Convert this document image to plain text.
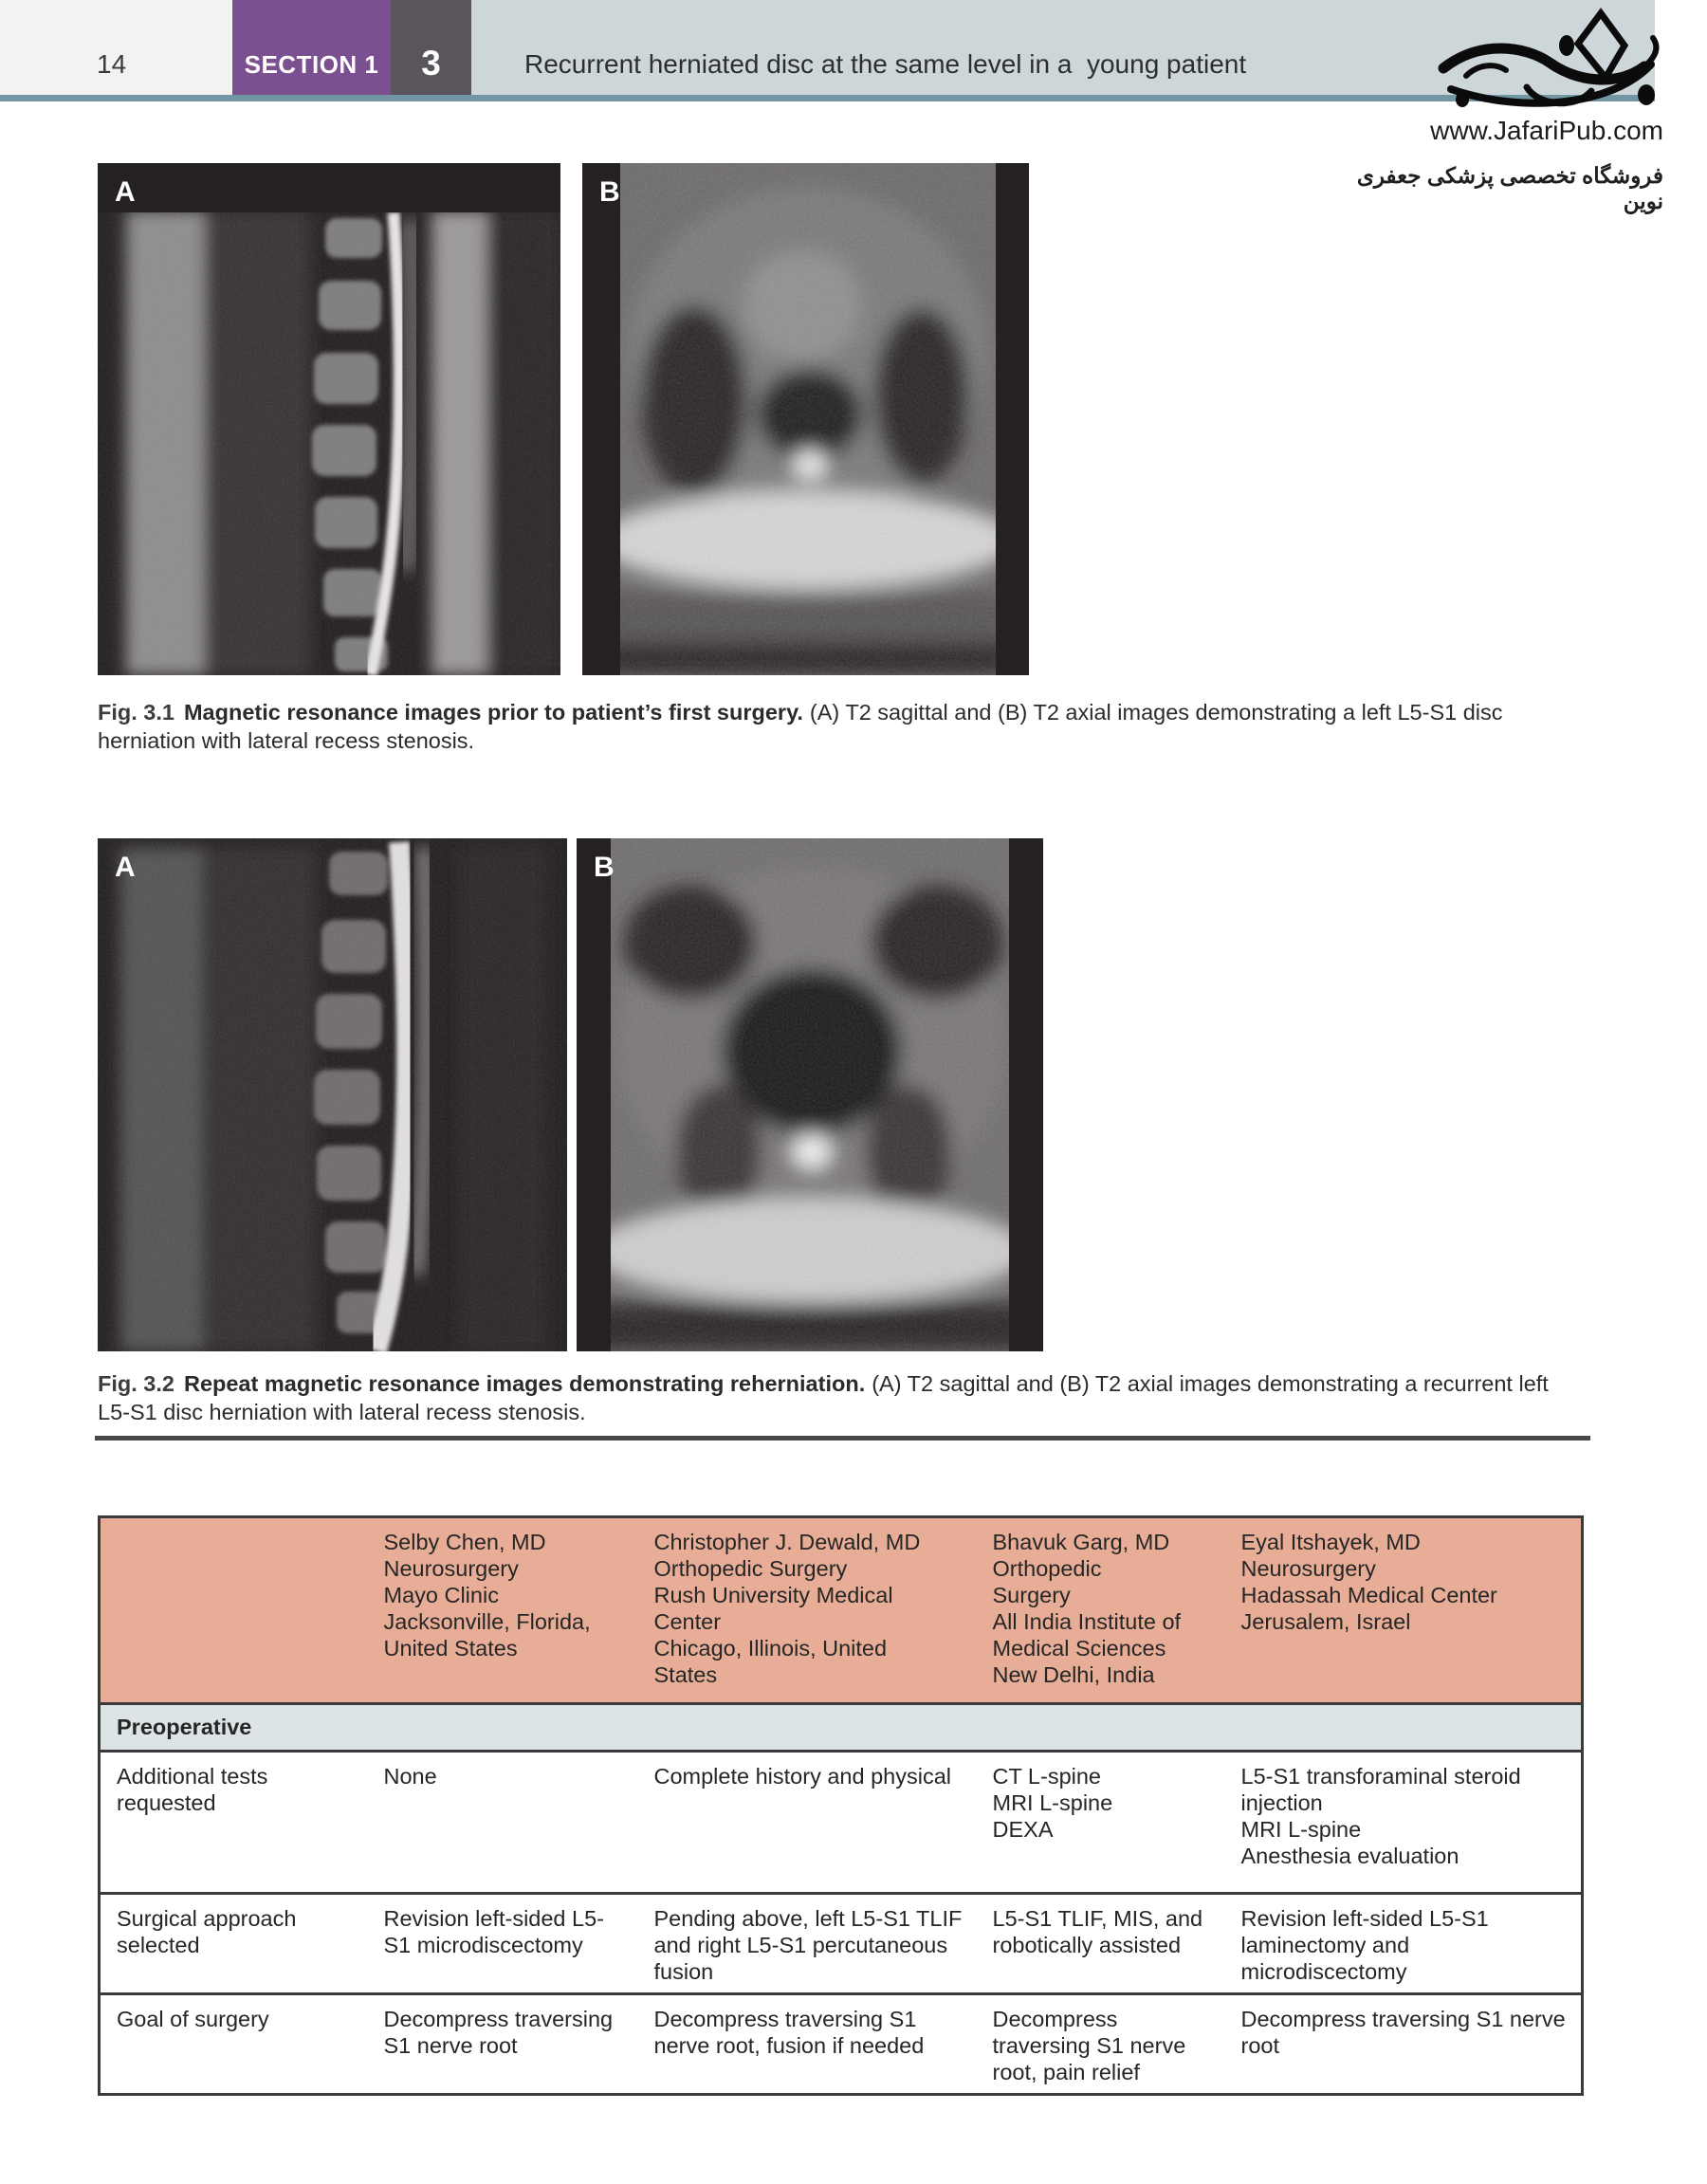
14	SECTION 1 3	Recurrent herniated disc at the same level in a  young patient
www.JafariPub.com
فروشگاه تخصصی پزشکی جعفری نوین
A	B
Fig. 3.1 Magnetic resonance images prior to patient’s first surgery. (A) T2 sagittal and (B) T2 axial images demonstrating a left L5-S1 disc herniation with lateral recess stenosis.
A	B
Fig. 3.2 Repeat magnetic resonance images demonstrating reherniation. (A) T2 sagittal and (B) T2 axial images demonstrating a recurrent left L5-S1 disc herniation with lateral recess stenosis.
	Selby Chen, MD
Neurosurgery
Mayo Clinic
Jacksonville, Florida,
United States	Christopher J. Dewald, MD
Orthopedic Surgery
Rush University Medical
Center
Chicago, Illinois, United
States	Bhavuk Garg, MD
Orthopedic
Surgery
All India Institute of
Medical Sciences
New Delhi, India	Eyal Itshayek, MD
Neurosurgery
Hadassah Medical Center
Jerusalem, Israel
Preoperative				
Additional tests requested	None	Complete history and physical	CT L-spine
MRI L-spine
DEXA	L5-S1 transforaminal steroid injection
MRI L-spine
Anesthesia evaluation
Surgical approach selected	Revision left-sided L5-S1 microdiscectomy	Pending above, left L5-S1 TLIF and right L5-S1 percutaneous fusion	L5-S1 TLIF, MIS, and robotically assisted	Revision left-sided L5-S1 laminectomy and microdiscectomy
Goal of surgery	Decompress traversing S1 nerve root	Decompress traversing S1 nerve root, fusion if needed	Decompress traversing S1 nerve root, pain relief	Decompress traversing S1 nerve root
